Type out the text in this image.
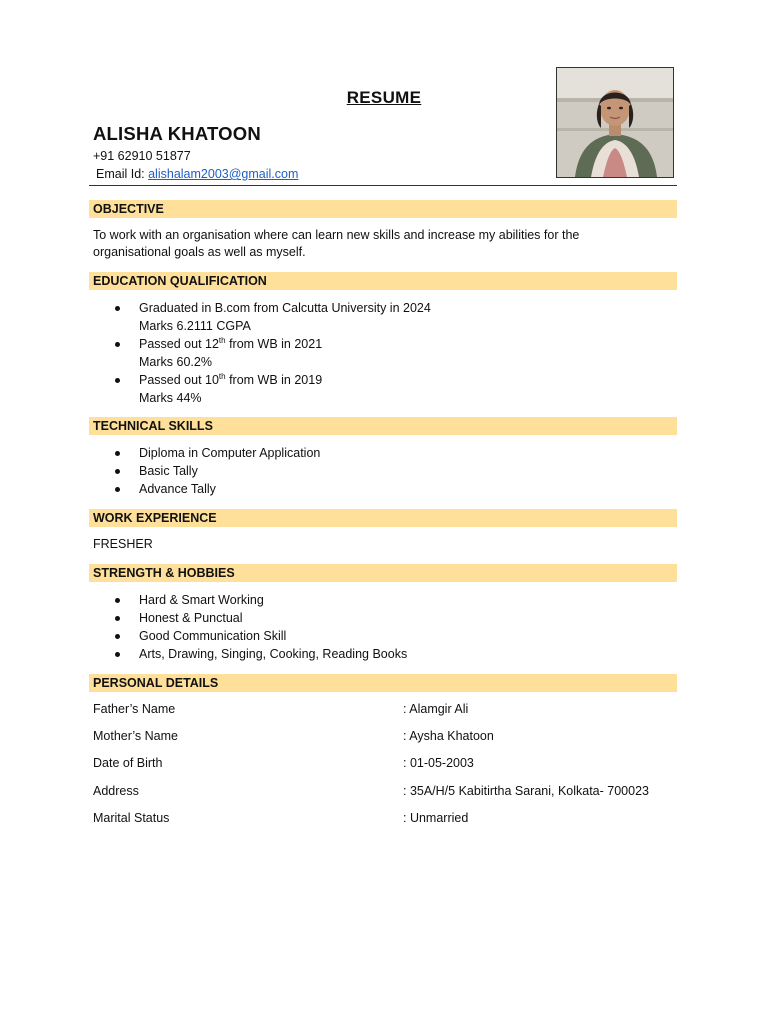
RESUME
ALISHA KHATOON
+91 62910 51877
Email Id: alishalam2003@gmail.com
OBJECTIVE
To work with an organisation where can learn new skills and increase my abilities for the organisational goals as well as myself.
EDUCATION QUALIFICATION
Graduated in B.com from Calcutta University in 2024
Marks 6.2111 CGPA
Passed out 12th from WB in 2021
Marks 60.2%
Passed out 10th from WB in 2019
Marks 44%
TECHNICAL SKILLS
Diploma in Computer Application
Basic Tally
Advance Tally
WORK EXPERIENCE
FRESHER
STRENGTH & HOBBIES
Hard & Smart Working
Honest & Punctual
Good Communication Skill
Arts, Drawing, Singing, Cooking, Reading Books
PERSONAL DETAILS
Father’s Name	: Alamgir Ali
Mother’s Name	: Aysha Khatoon
Date of Birth	: 01-05-2003
Address	: 35A/H/5 Kabitirtha Sarani, Kolkata- 700023
Marital Status	: Unmarried
